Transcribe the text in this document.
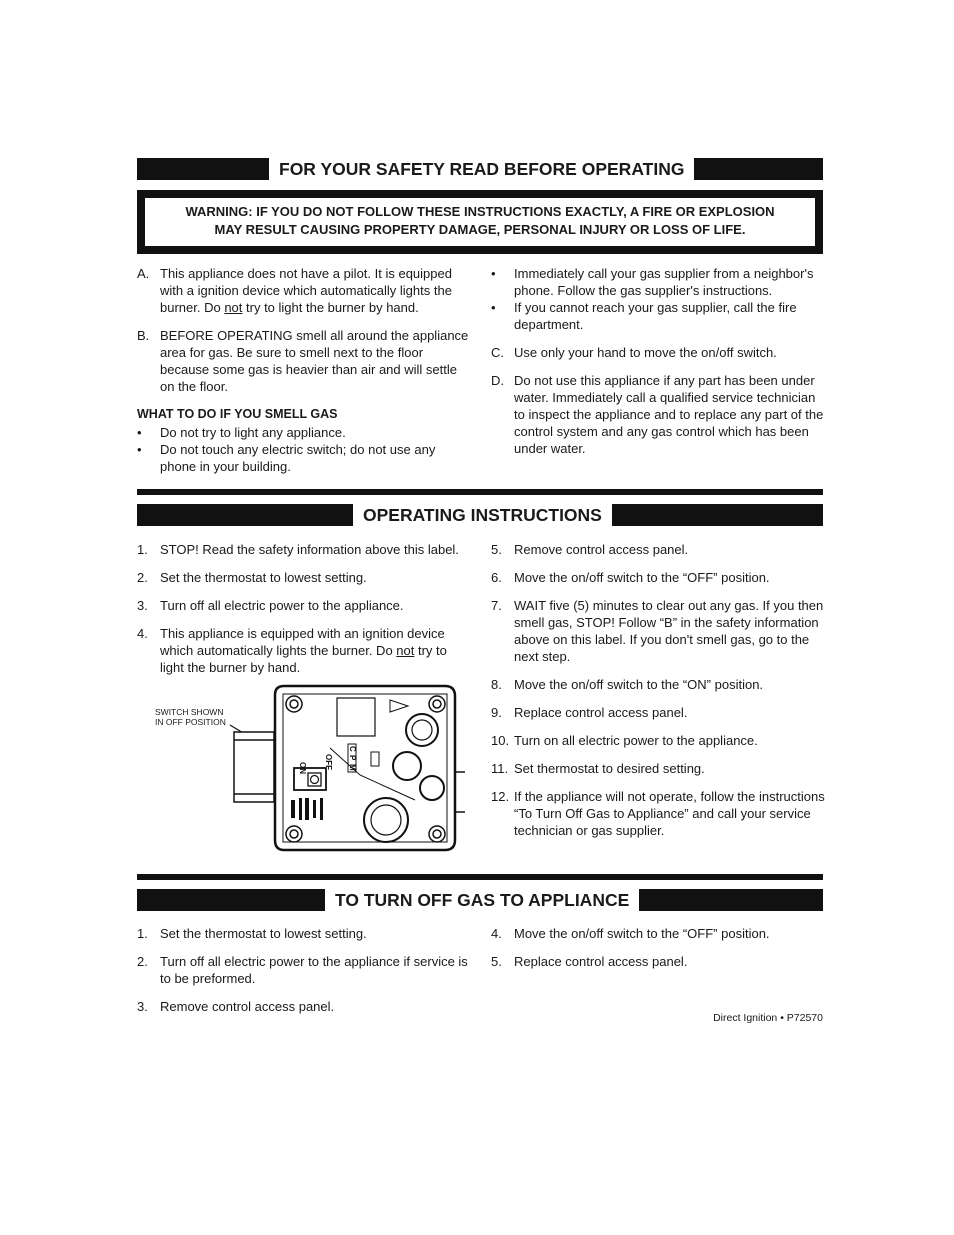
FOR YOUR SAFETY READ BEFORE OPERATING
WARNING: IF YOU DO NOT FOLLOW THESE INSTRUCTIONS EXACTLY, A FIRE OR EXPLOSION
MAY RESULT CAUSING PROPERTY DAMAGE, PERSONAL INJURY OR LOSS OF LIFE.
A. This appliance does not have a pilot. It is equipped with a ignition device which automatically lights the burner. Do not try to light the burner by hand.
B. BEFORE OPERATING smell all around the appliance area for gas. Be sure to smell next to the floor because some gas is heavier than air and will settle on the floor.
WHAT TO DO IF YOU SMELL GAS
• Do not try to light any appliance.
• Do not touch any electric switch; do not use any phone in your building.
• Immediately call your gas supplier from a neighbor's phone. Follow the gas supplier's instructions.
• If you cannot reach your gas supplier, call the fire department.
C. Use only your hand to move the on/off switch.
D. Do not use this appliance if any part has been under water. Immediately call a qualified service technician to inspect the appliance and to replace any part of the control system and any gas control which has been under water.
OPERATING INSTRUCTIONS
1. STOP! Read the safety information above this label.
2. Set the thermostat to lowest setting.
3. Turn off all electric power to the appliance.
4. This appliance is equipped with an ignition device which automatically lights the burner. Do not try to light the burner by hand.
SWITCH SHOWN
IN OFF POSITION
ON OFF
C
P
M
5. Remove control access panel.
6. Move the on/off switch to the “OFF” position.
7. WAIT five (5) minutes to clear out any gas. If you then smell gas, STOP! Follow “B” in the safety information above on this label. If you don't smell gas, go to the next step.
8. Move the on/off switch to the “ON” position.
9. Replace control access panel.
10. Turn on all electric power to the appliance.
11. Set thermostat to desired setting.
12. If the appliance will not operate, follow the instructions “To Turn Off Gas to Appliance” and call your service technician or gas supplier.
TO TURN OFF GAS TO APPLIANCE
1. Set the thermostat to lowest setting.
2. Turn off all electric power to the appliance if service is to be preformed.
3. Remove control access panel.
4. Move the on/off switch to the “OFF” position.
5. Replace control access panel.
Direct Ignition • P72570
